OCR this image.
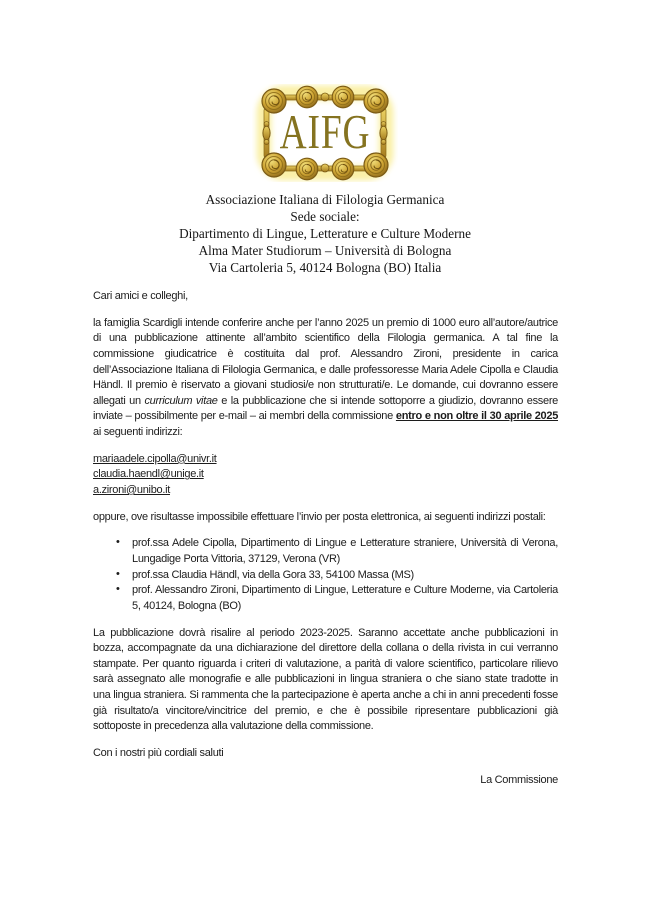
AIFG
Associazione Italiana di Filologia Germanica
Sede sociale:
Dipartimento di Lingue, Letterature e Culture Moderne
Alma Mater Studiorum – Università di Bologna
Via Cartoleria 5, 40124 Bologna (BO) Italia

Cari amici e colleghi,

la famiglia Scardigli intende conferire anche per l’anno 2025 un premio di 1000 euro all’autore/autrice di una pubblicazione attinente all’ambito scientifico della Filologia germanica. A tal fine la commissione giudicatrice è costituita dal prof. Alessandro Zironi, presidente in carica dell’Associazione Italiana di Filologia Germanica, e dalle professoresse Maria Adele Cipolla e Claudia Händl. Il premio è riservato a giovani studiosi/e non strutturati/e. Le domande, cui dovranno essere allegati un curriculum vitae e la pubblicazione che si intende sottoporre a giudizio, dovranno essere inviate – possibilmente per e-mail – ai membri della commissione entro e non oltre il 30 aprile 2025 ai seguenti indirizzi:

mariaadele.cipolla@univr.it
claudia.haendl@unige.it
a.zironi@unibo.it

oppure, ove risultasse impossibile effettuare l’invio per posta elettronica, ai seguenti indirizzi postali:

• prof.ssa Adele Cipolla, Dipartimento di Lingue e Letterature straniere, Università di Verona, Lungadige Porta Vittoria, 37129, Verona (VR)
• prof.ssa Claudia Händl, via della Gora 33, 54100 Massa (MS)
• prof. Alessandro Zironi, Dipartimento di Lingue, Letterature e Culture Moderne, via Cartoleria 5, 40124, Bologna (BO)

La pubblicazione dovrà risalire al periodo 2023-2025. Saranno accettate anche pubblicazioni in bozza, accompagnate da una dichiarazione del direttore della collana o della rivista in cui verranno stampate. Per quanto riguarda i criteri di valutazione, a parità di valore scientifico, particolare rilievo sarà assegnato alle monografie e alle pubblicazioni in lingua straniera o che siano state tradotte in una lingua straniera. Si rammenta che la partecipazione è aperta anche a chi in anni precedenti fosse già risultato/a vincitore/vincitrice del premio, e che è possibile ripresentare pubblicazioni già sottoposte in precedenza alla valutazione della commissione.

Con i nostri più cordiali saluti

La Commissione
